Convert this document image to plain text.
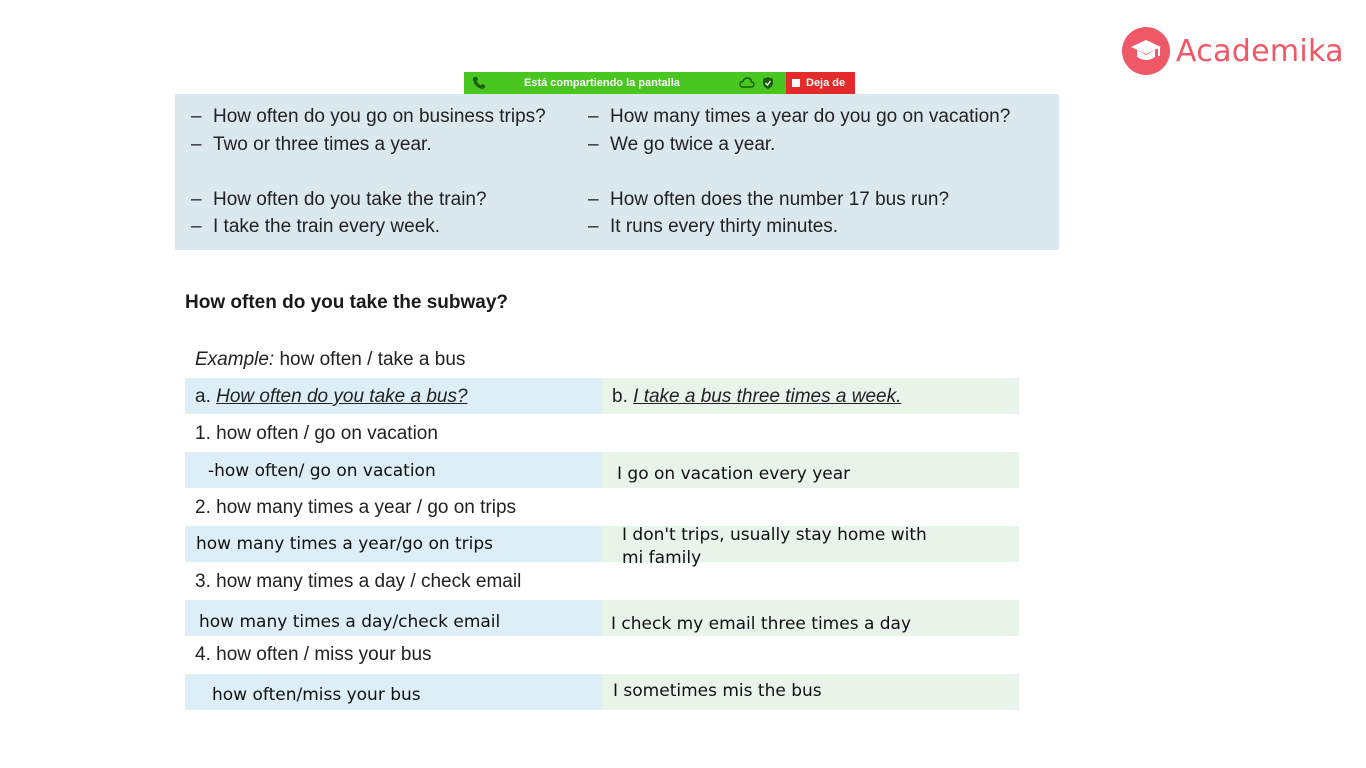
Academika
Está compartiendo la pantalla	Deja de
– How often do you go on business trips?
– Two or three times a year.
– How often do you take the train?
– I take the train every week.
– How many times a year do you go on vacation?
– We go twice a year.
– How often does the number 17 bus run?
– It runs every thirty minutes.
How often do you take the subway?
Example: how often / take a bus
a. How often do you take a bus?	b. I take a bus three times a week.
1. how often / go on vacation
-how often/ go on vacation	I go on vacation every year
2. how many times a year / go on trips
how many times a year/go on trips	I don't trips, usually stay home with
mi family
3. how many times a day / check email
how many times a day/check email	I check my email three times a day
4. how often / miss your bus
how often/miss your bus	I sometimes mis the bus
